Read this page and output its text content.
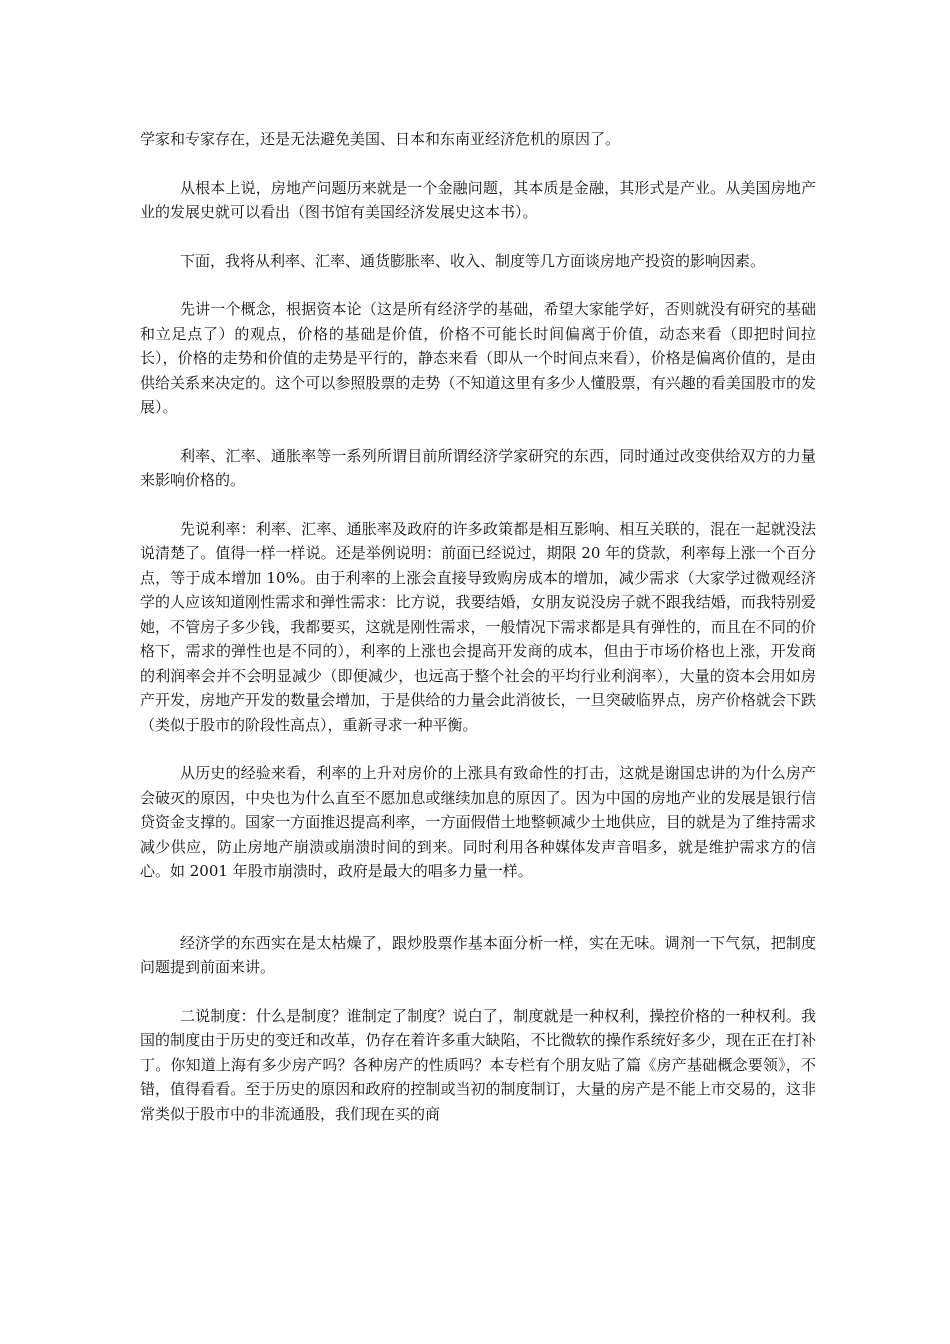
学家和专家存在，还是无法避免美国、日本和东南亚经济危机的原因了。

从根本上说，房地产问题历来就是一个金融问题，其本质是金融，其形式是产业。从美国房地产业的发展史就可以看出（图书馆有美国经济发展史这本书）。

下面，我将从利率、汇率、通货膨胀率、收入、制度等几方面谈房地产投资的影响因素。

先讲一个概念，根据资本论（这是所有经济学的基础，希望大家能学好，否则就没有研究的基础和立足点了）的观点，价格的基础是价值，价格不可能长时间偏离于价值，动态来看（即把时间拉长），价格的走势和价值的走势是平行的，静态来看（即从一个时间点来看），价格是偏离价值的，是由供给关系来决定的。这个可以参照股票的走势（不知道这里有多少人懂股票，有兴趣的看美国股市的发展）。

利率、汇率、通胀率等一系列所谓目前所谓经济学家研究的东西，同时通过改变供给双方的力量来影响价格的。

先说利率：利率、汇率、通胀率及政府的许多政策都是相互影响、相互关联的，混在一起就没法说清楚了。值得一样一样说。还是举例说明：前面已经说过，期限 20 年的贷款，利率每上涨一个百分点，等于成本增加 10%。由于利率的上涨会直接导致购房成本的增加，减少需求（大家学过微观经济学的人应该知道刚性需求和弹性需求：比方说，我要结婚，女朋友说没房子就不跟我结婚，而我特别爱她，不管房子多少钱，我都要买，这就是刚性需求，一般情况下需求都是具有弹性的，而且在不同的价格下，需求的弹性也是不同的），利率的上涨也会提高开发商的成本，但由于市场价格也上涨，开发商的利润率会并不会明显减少（即便减少，也远高于整个社会的平均行业利润率），大量的资本会用如房产开发，房地产开发的数量会增加，于是供给的力量会此消彼长，一旦突破临界点，房产价格就会下跌（类似于股市的阶段性高点），重新寻求一种平衡。

从历史的经验来看，利率的上升对房价的上涨具有致命性的打击，这就是谢国忠讲的为什么房产会破灭的原因，中央也为什么直至不愿加息或继续加息的原因了。因为中国的房地产业的发展是银行信贷资金支撑的。国家一方面推迟提高利率，一方面假借土地整顿减少土地供应，目的就是为了维持需求减少供应，防止房地产崩溃或崩溃时间的到来。同时利用各种媒体发声音唱多，就是维护需求方的信心。如 2001 年股市崩溃时，政府是最大的唱多力量一样。

经济学的东西实在是太枯燥了，跟炒股票作基本面分析一样，实在无味。调剂一下气氛，把制度问题提到前面来讲。

二说制度：什么是制度？谁制定了制度？说白了，制度就是一种权利，操控价格的一种权利。我国的制度由于历史的变迁和改革，仍存在着许多重大缺陷，不比微软的操作系统好多少，现在正在打补丁。你知道上海有多少房产吗？各种房产的性质吗？本专栏有个朋友贴了篇《房产基础概念要领》，不错，值得看看。至于历史的原因和政府的控制或当初的制度制订，大量的房产是不能上市交易的，这非常类似于股市中的非流通股，我们现在买的商
